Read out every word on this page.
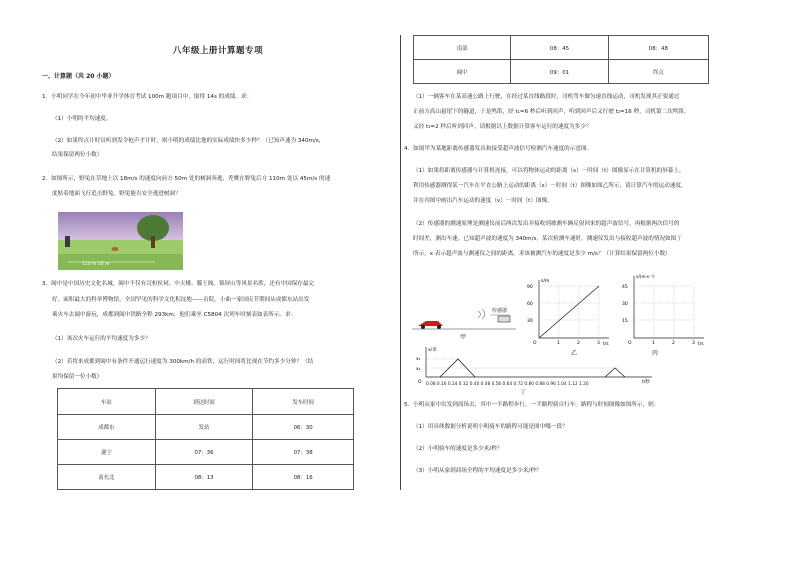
八年级上册计算题专项
一、计算题（共 20 小题）
1．小明同学在今年初中毕业升学体育考试 100m 跑项目中，取得 14s 的成绩。求：
（1）小明的平均速度。
（2）如果终点计时员听到发令枪声才计时，则小明的成绩比他的实际成绩快多少秒？（已知声速为 340m/s，
结果保留两位小数）
2．如图所示，野兔在草地上以 18m/s 的速度向前方 50m 处的树洞奔逃，秃鹰在野兔后方 110m 处以 45m/s 的速
度贴着地面飞行追击野兔。野兔能否安全逃进树洞？
110 m 50 m
3．阆中是中国历史文化名城，阆中不仅有汉桓侯祠、中天楼、滕王阁、锦屏山等风景名胜，还有中国保存最完
好、面积最大的科举博物馆，全国罕见的科学文化积淀地——贡院。小曲一家国庆节期间从成都东站出发
乘火车去阆中游玩，成都到阆中铁路全程 293km，他们乘坐 C5804 次列车时刻表如表所示。求：
（1）该次火车运行的平均速度为多少？
（2）若将来成都到阆中有条件开通运行速度为 300km/h 的高铁，运行时间将比现在节约多少分钟？（结
果均保留一位小数）
车站	到达时间	发车时间
成都东	发站	06：30
遂宁	07：36	07：38
南充北	08：13	08：16
南部	08：45	08：48
阆中	09：01	终点
（1）一辆客车在某高速公路上行驶，在经过某直线路段时，司机驾车做匀速直线运动，司机发现其正要通过
正前方高山悬崖下的隧道，于是鸣笛，经 t₁=6 秒后听到回声，听到回声后又行驶 t₂=16 秒，司机第二次鸣笛，
又经 t₃=2 秒后听到回声，请根据以上数据计算客车运行的速度为多少？
4．如图甲为某地距离传感器发出和接受超声波信号检测汽车速度的示意图。
（1）如果将距离传感器与计算机连接，可以将物体运动的距离（s）－时间（t）图像显示在计算机的屏幕上。
利用传感器测得某一汽车在平直公路上运动的距离（s）－时间（t）图像如图乙所示，请计算汽车的运动速度，
并在丙图中画出汽车运动的速度（v）－时间（t）图像。
（2）传感器的测速原理是测速仪前后两次发出并接收到被测车辆反射回来的超声波信号，再根据两次信号的
时间差，测出车速。已知超声波的速度为 340m/s，某次检测车速时，测速仪发出与接收超声波的情况如图丁
所示，x 表示超声波与测速仪之间的距离，求该被测汽车的速度是多少 m/s？（计算结果保留两位小数）
传感器
甲
s/m
t/s
O
90
60
30
1	2	3
乙
v/(m·s⁻¹)
t/s
O
45
30
15
1	2	3
丙
x/米
t/秒
O
x₁
x₂
0.08 0.16 0.24 0.32 0.40 0.48 0.56 0.64 0.72 0.80 0.88 0.96 1.04 1.12 1.20
丁
5．小明从家中出发到商场去，其中一半路程步行，一半路程骑自行车。路程与时间图像如图所示，则：
（1）用具体数据分析说明小明骑车的路程可能是图中哪一段？
（2）小明骑车的速度是多少米/秒？
（3）小明从家到商场全程的平均速度是多少米/秒？
